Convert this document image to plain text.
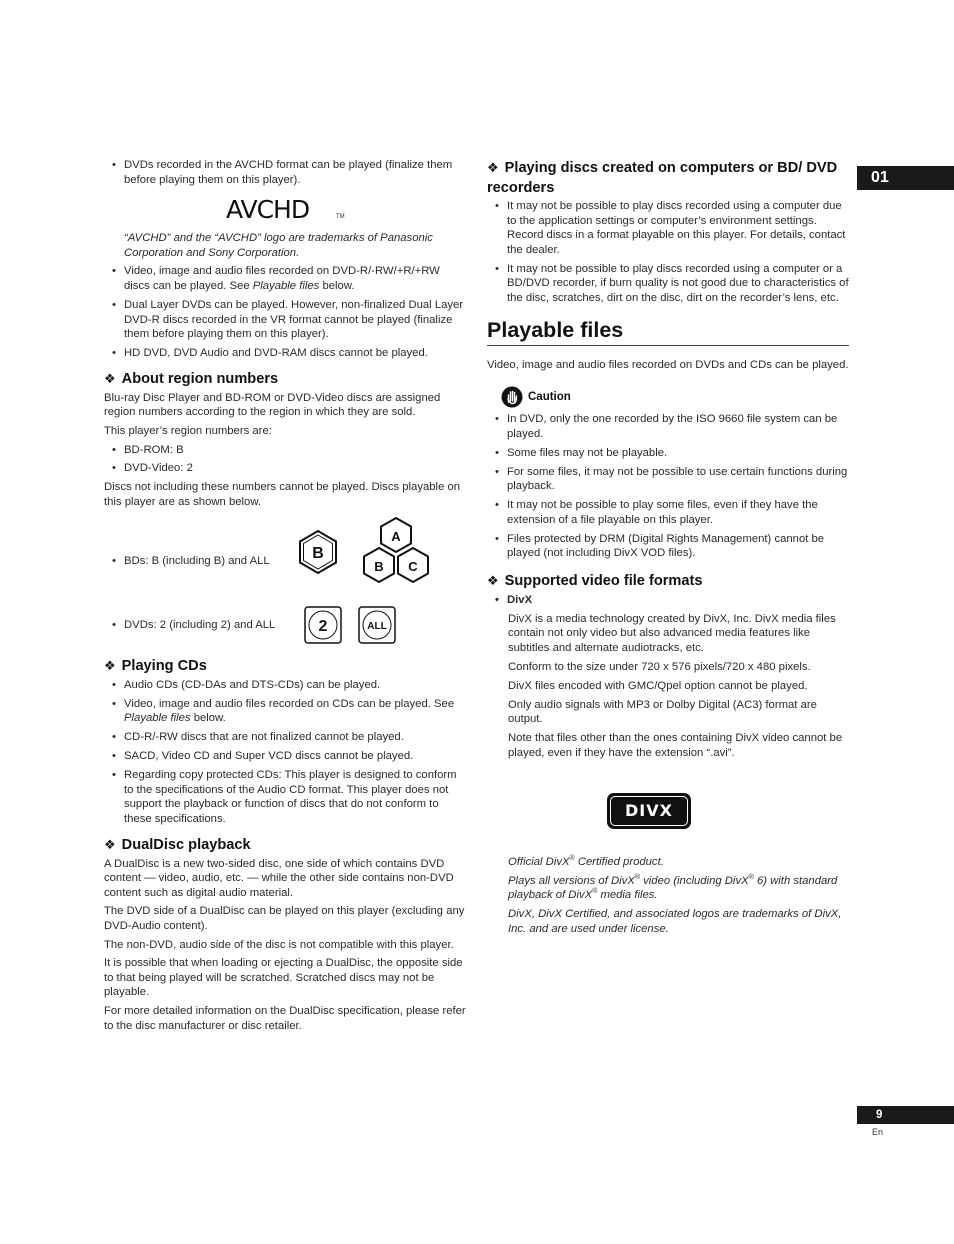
01
• DVDs recorded in the AVCHD format can be played (finalize them before playing them on this player).
AVCHD	TM

“AVCHD” and the “AVCHD” logo are trademarks of Panasonic Corporation and Sony Corporation.

• Video, image and audio files recorded on DVD-R/-RW/+R/+RW discs can be played. See Playable files below.
• Dual Layer DVDs can be played. However, non-finalized Dual Layer DVD-R discs recorded in the VR format cannot be played (finalize them before playing them on this player).
• HD DVD, DVD Audio and DVD-RAM discs cannot be played.
❖ About region numbers

Blu-ray Disc Player and BD-ROM or DVD-Video discs are assigned region numbers according to the region in which they are sold.

This player’s region numbers are:

• BD-ROM: B
• DVD-Video: 2

Discs not including these numbers cannot be played. Discs playable on this player are as shown below.

• BDs: B (including B) and ALL	B
A
B C
• DVDs: 2 (including 2) and ALL	2	ALL
❖ Playing CDs
• Audio CDs (CD-DAs and DTS-CDs) can be played.
• Video, image and audio files recorded on CDs can be played. See Playable files below.
• CD-R/-RW discs that are not finalized cannot be played.
• SACD, Video CD and Super VCD discs cannot be played.
• Regarding copy protected CDs: This player is designed to conform to the specifications of the Audio CD format. This player does not support the playback or function of discs that do not conform to these specifications.
❖ DualDisc playback

A DualDisc is a new two-sided disc, one side of which contains DVD content — video, audio, etc. — while the other side contains non-DVD content such as digital audio material.

The DVD side of a DualDisc can be played on this player (excluding any DVD-Audio content).

The non-DVD, audio side of the disc is not compatible with this player.

It is possible that when loading or ejecting a DualDisc, the opposite side to that being played will be scratched. Scratched discs may not be playable.

For more detailed information on the DualDisc specification, please refer to the disc manufacturer or disc retailer.

❖ Playing discs created on computers or BD/ DVD recorders
• It may not be possible to play discs recorded using a computer due to the application settings or computer’s environment settings. Record discs in a format playable on this player. For details, contact the dealer.
• It may not be possible to play discs recorded using a computer or a BD/DVD recorder, if burn quality is not good due to characteristics of the disc, scratches, dirt on the disc, dirt on the recorder’s lens, etc.
Playable files

Video, image and audio files recorded on DVDs and CDs can be played.

Caution
• In DVD, only the one recorded by the ISO 9660 file system can be played.
• Some files may not be playable.
• For some files, it may not be possible to use certain functions during playback.
• It may not be possible to play some files, even if they have the extension of a file playable on this player.
• Files protected by DRM (Digital Rights Management) cannot be played (not including DivX VOD files).
❖ Supported video file formats
• DivX

DivX is a media technology created by DivX, Inc. DivX media files contain not only video but also advanced media features like subtitles and alternate audiotracks, etc.

Conform to the size under 720 x 576 pixels/720 x 480 pixels.

DivX files encoded with GMC/Qpel option cannot be played.

Only audio signals with MP3 or Dolby Digital (AC3) format are output.

Note that files other than the ones containing DivX video cannot be played, even if they have the extension “.avi”.

DIVX

Official DivX® Certified product.

Plays all versions of DivX® video (including DivX® 6) with standard playback of DivX® media files.

DivX, DivX Certified, and associated logos are trademarks of DivX, Inc. and are used under license.

9
En
